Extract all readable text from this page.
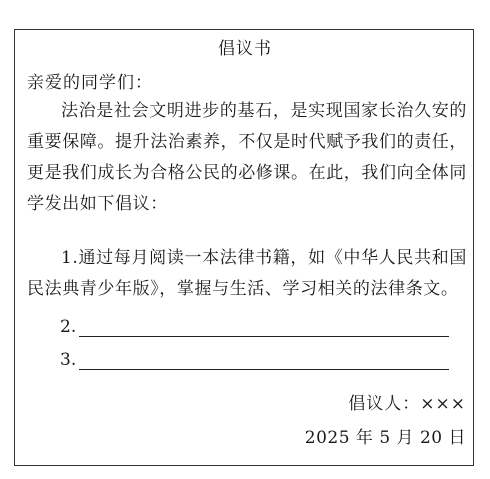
倡议书
亲爱的同学们：
法治是社会文明进步的基石，是实现国家长治久安的重要保障。提升法治素养，不仅是时代赋予我们的责任，更是我们成长为合格公民的必修课。在此，我们向全体同学发出如下倡议：
1.通过每月阅读一本法律书籍，如《中华人民共和国民法典青少年版》，掌握与生活、学习相关的法律条文。
2.
3.
倡议人：×××
2025 年 5 月 20 日
